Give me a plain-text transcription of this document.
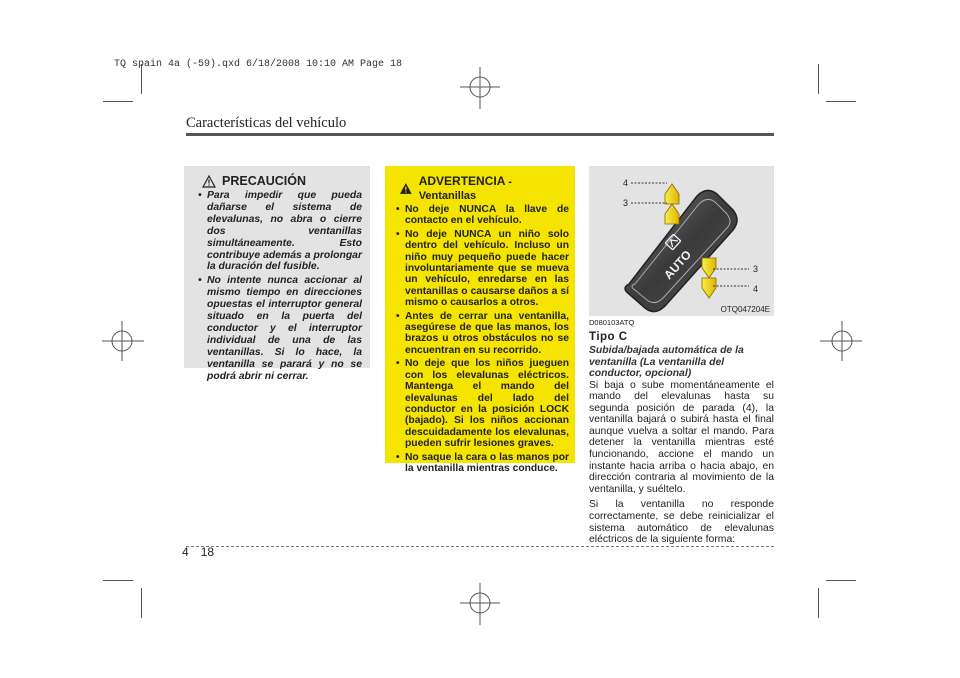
TQ spain 4a (-59).qxd 6/18/2008 10:10 AM Page 18
Características del vehículo
PRECAUCIÓN
• Para impedir que pueda dañarse el sistema de elevalunas, no abra o cierre dos ventanillas simultáneamente. Esto contribuye además a prolongar la duración del fusible.
• No intente nunca accionar al mismo tiempo en direcciones opuestas el interruptor general situado en la puerta del conductor y el interruptor individual de una de las ventanillas. Si lo hace, la ventanilla se parará y no se podrá abrir ni cerrar.
ADVERTENCIA - Ventanillas
• No deje NUNCA la llave de contacto en el vehículo.
• No deje NUNCA un niño solo dentro del vehículo. Incluso un niño muy pequeño puede hacer involuntariamente que se mueva un vehículo, enredarse en las ventanillas o causarse daños a sí mismo o causarlos a otros.
• Antes de cerrar una ventanilla, asegúrese de que las manos, los brazos u otros obstáculos no se encuentran en su recorrido.
• No deje que los niños jueguen con los elevalunas eléctricos. Mantenga el mando del elevalunas del lado del conductor en la posición LOCK (bajado). Si los niños accionan descuidadamente los elevalunas, pueden sufrir lesiones graves.
• No saque la cara o las manos por la ventanilla mientras conduce.
AUTO
4
3
3
4
OTQ047204E
D080103ATQ
Tipo C
Subida/bajada automática de la ventanilla (La ventanilla del conductor, opcional)

Si baja o sube momentáneamente el mando del elevalunas hasta su segunda posición de parada (4), la ventanilla bajará o subirá hasta el final aunque vuelva a soltar el mando. Para detener la ventanilla mientras esté funcionando, accione el mando un instante hacia arriba o hacia abajo, en dirección contraria al movimiento de la ventanilla, y suéltelo.

Si la ventanilla no responde correctamente, se debe reinicializar el sistema automático de elevalunas eléctricos de la siguiente forma:

4 18
